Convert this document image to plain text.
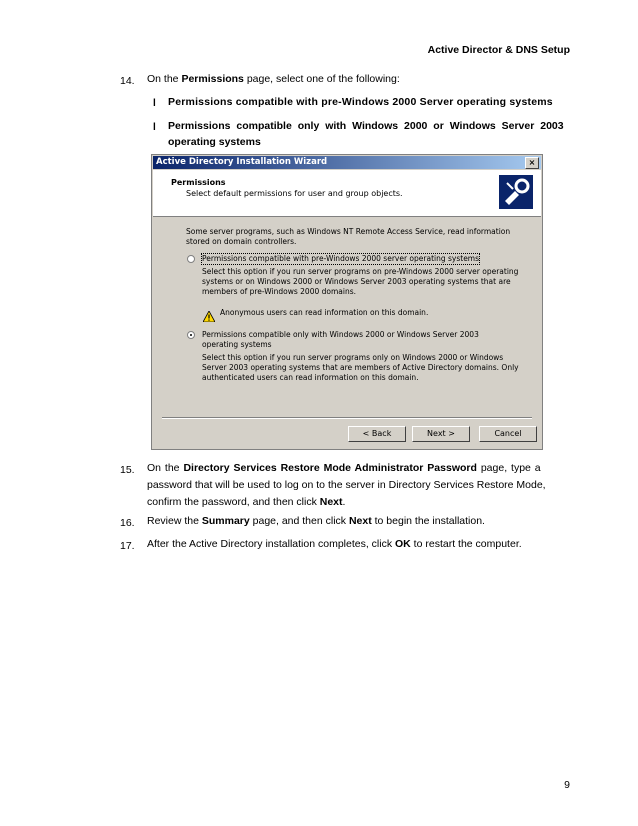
Active Director & DNS Setup
14. On the Permissions page, select one of the following:
l Permissions compatible with pre-Windows 2000 Server operating systems
l Permissions compatible only with Windows 2000 or Windows Server 2003
operating systems
Active Directory Installation Wizard	×
Permissions
Select default permissions for user and group objects.
Some server programs, such as Windows NT Remote Access Service, read information
stored on domain controllers.
Permissions compatible with pre-Windows 2000 server operating systems
Select this option if you run server programs on pre-Windows 2000 server operating
systems or on Windows 2000 or Windows Server 2003 operating systems that are
members of pre-Windows 2000 domains.
Anonymous users can read information on this domain.
Permissions compatible only with Windows 2000 or Windows Server 2003
operating systems
Select this option if you run server programs only on Windows 2000 or Windows
Server 2003 operating systems that are members of Active Directory domains. Only
authenticated users can read information on this domain.
< Back	Next >	Cancel
15. On the Directory Services Restore Mode Administrator Password page, type a
password that will be used to log on to the server in Directory Services Restore Mode,
confirm the password, and then click Next.
16. Review the Summary page, and then click Next to begin the installation.
17. After the Active Directory installation completes, click OK to restart the computer.
9
